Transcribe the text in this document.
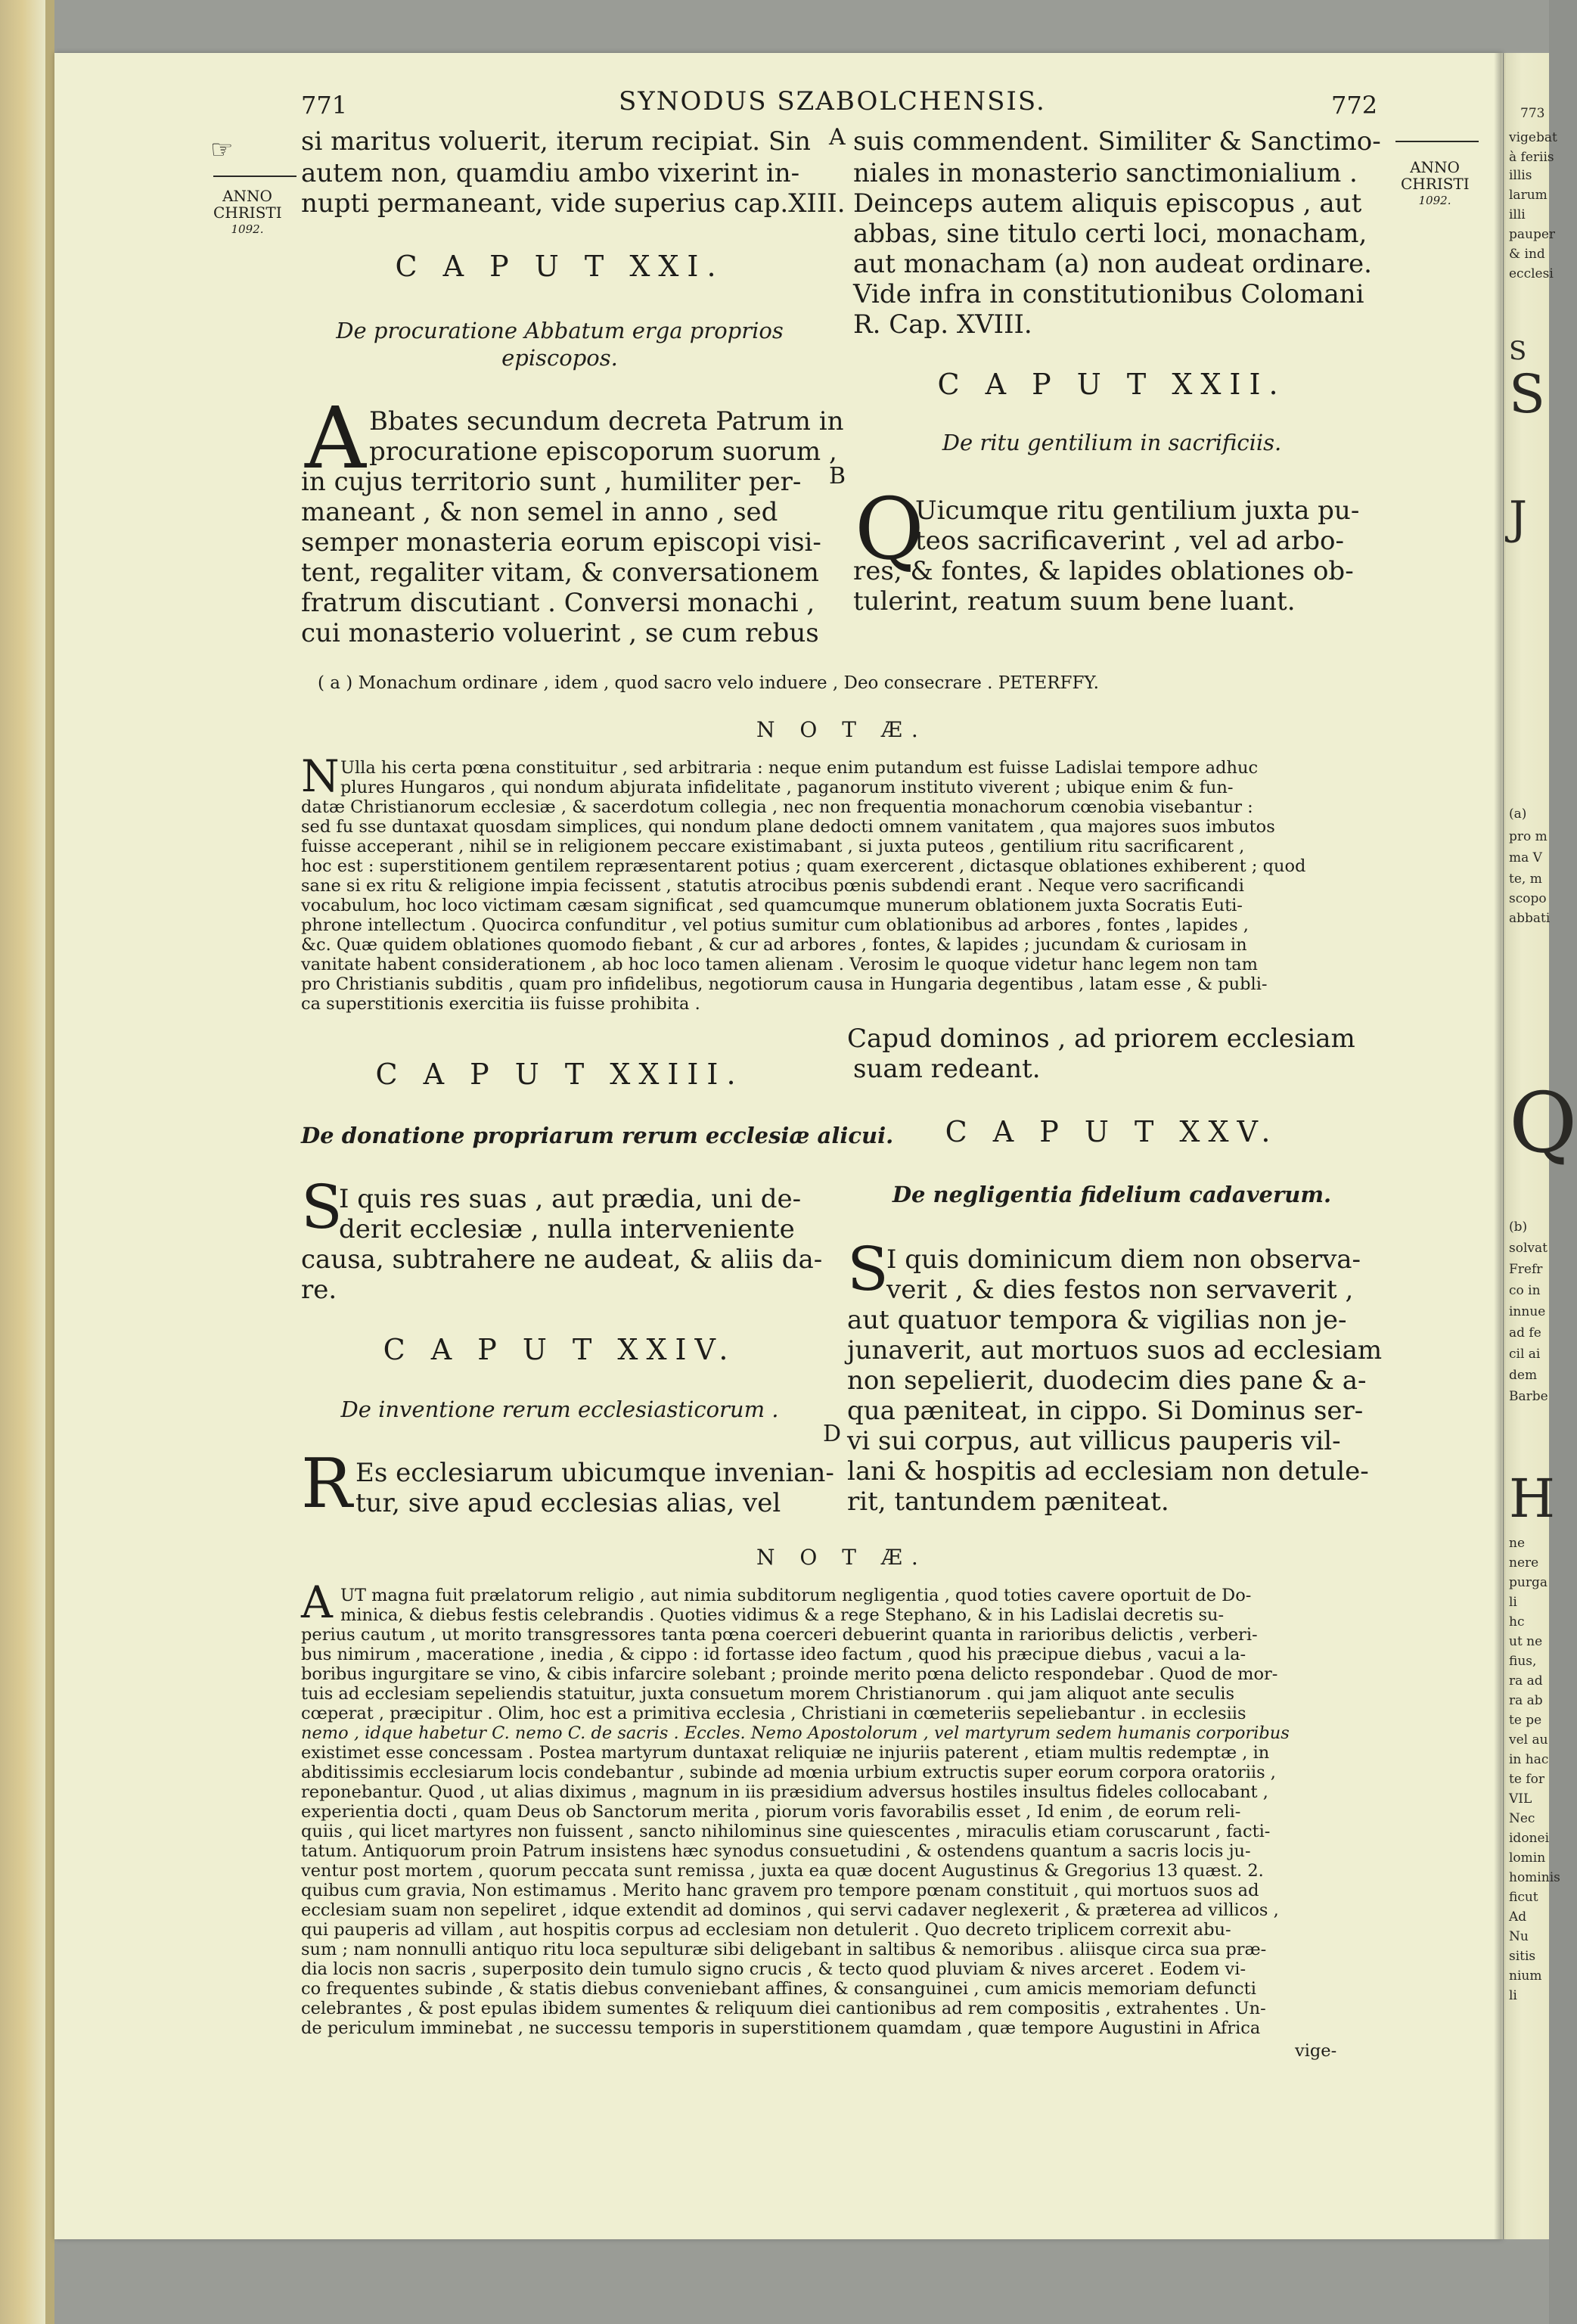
771	SYNODUS SZABOLCHENSIS.	772
☞
ANNO
CHRISTI
1092.
ANNO
CHRISTI
1092.
A
B
D
si maritus voluerit, iterum recipiat. Sin
autem non, quamdiu ambo vixerint in-
nupti permaneant, vide superius cap.XIII.
C A P U T XXI.
De procuratione Abbatum erga proprios
episcopos.
A Bbates secundum decreta Patrum in
procuratione episcoporum suorum ,
in cujus territorio sunt , humiliter per-
maneant , & non semel in anno , sed
semper monasteria eorum episcopi visi-
tent, regaliter vitam, & conversationem
fratrum discutiant . Conversi monachi ,
cui monasterio voluerint , se cum rebus
suis commendent. Similiter & Sanctimo-
niales in monasterio sanctimonialium .
Deinceps autem aliquis episcopus , aut
abbas, sine titulo certi loci, monacham,
aut monacham (a) non audeat ordinare.
Vide infra in constitutionibus Colomani
R. Cap. XVIII.
C A P U T XXII.
De ritu gentilium in sacrificiis.
Q
Uicumque ritu gentilium juxta pu-
teos sacrificaverint , vel ad arbo-
res, & fontes, & lapides oblationes ob-
tulerint, reatum suum bene luant.
( a ) Monachum ordinare , idem , quod sacro velo induere , Deo consecrare . PETERFFY.
N O T Æ.
N Ulla his certa pœna constituitur , sed arbitraria : neque enim putandum est fuisse Ladislai tempore adhuc
plures Hungaros , qui nondum abjurata infidelitate , paganorum instituto viverent ; ubique enim & fun-
datæ Christianorum ecclesiæ , & sacerdotum collegia , nec non frequentia monachorum cœnobia visebantur :
sed fu sse duntaxat quosdam simplices, qui nondum plane dedocti omnem vanitatem , qua majores suos imbutos
fuisse acceperant , nihil se in religionem peccare existimabant , si juxta puteos , gentilium ritu sacrificarent ,
hoc est : superstitionem gentilem repræsentarent potius ; quam exercerent , dictasque oblationes exhiberent ; quod
sane si ex ritu & religione impia fecissent , statutis atrocibus pœnis subdendi erant . Neque vero sacrificandi
vocabulum, hoc loco victimam cæsam significat , sed quamcumque munerum oblationem juxta Socratis Euti-
phrone intellectum . Quocirca confunditur , vel potius sumitur cum oblationibus ad arbores , fontes , lapides ,
&c. Quæ quidem oblationes quomodo fiebant , & cur ad arbores , fontes, & lapides ; jucundam & curiosam in
vanitate habent considerationem , ab hoc loco tamen alienam . Verosim le quoque videtur hanc legem non tam
pro Christianis subditis , quam pro infidelibus, negotiorum causa in Hungaria degentibus , latam esse , & publi-
ca superstitionis exercitia iis fuisse prohibita .
Capud dominos , ad priorem ecclesiam
suam redeant.
C A P U T XXIII.
De donatione propriarum rerum ecclesiæ alicui.
S
I quis res suas , aut prædia, uni de-
derit ecclesiæ , nulla interveniente
causa, subtrahere ne audeat, & aliis da-
re.
C A P U T XXIV.
De inventione rerum ecclesiasticorum .
R Es ecclesiarum ubicumque invenian-
tur, sive apud ecclesias alias, vel
C A P U T XXV.
De negligentia fidelium cadaverum.
S
I quis dominicum diem non observa-
verit , & dies festos non servaverit ,
aut quatuor tempora & vigilias non je-
junaverit, aut mortuos suos ad ecclesiam
non sepelierit, duodecim dies pane & a-
qua pæniteat, in cippo. Si Dominus ser-
vi sui corpus, aut villicus pauperis vil-
lani & hospitis ad ecclesiam non detule-
rit, tantundem pæniteat.
N O T Æ.
A UT magna fuit prælatorum religio , aut nimia subditorum negligentia , quod toties cavere oportuit de Do-
minica, & diebus festis celebrandis . Quoties vidimus & a rege Stephano, & in his Ladislai decretis su-
perius cautum , ut morito transgressores tanta pœna coerceri debuerint quanta in rarioribus delictis , verberi-
bus nimirum , maceratione , inedia , & cippo : id fortasse ideo factum , quod his præcipue diebus , vacui a la-
boribus ingurgitare se vino, & cibis infarcire solebant ; proinde merito pœna delicto respondebar . Quod de mor-
tuis ad ecclesiam sepeliendis statuitur, juxta consuetum morem Christianorum . qui jam aliquot ante seculis
cœperat , præcipitur . Olim, hoc est a primitiva ecclesia , Christiani in cœmeteriis sepeliebantur . in ecclesiis
nemo , idque habetur C. nemo C. de sacris . Eccles. Nemo Apostolorum , vel martyrum sedem humanis corporibus
existimet esse concessam . Postea martyrum duntaxat reliquiæ ne injuriis paterent , etiam multis redemptæ , in
abditissimis ecclesiarum locis condebantur , subinde ad mœnia urbium extructis super eorum corpora oratoriis ,
reponebantur. Quod , ut alias diximus , magnum in iis præsidium adversus hostiles insultus fideles collocabant ,
experientia docti , quam Deus ob Sanctorum merita , piorum voris favorabilis esset , Id enim , de eorum reli-
quiis , qui licet martyres non fuissent , sancto nihilominus sine quiescentes , miraculis etiam coruscarunt , facti-
tatum. Antiquorum proin Patrum insistens hæc synodus consuetudini , & ostendens quantum a sacris locis ju-
ventur post mortem , quorum peccata sunt remissa , juxta ea quæ docent Augustinus & Gregorius 13 quæst. 2.
quibus cum gravia, Non estimamus . Merito hanc gravem pro tempore pœnam constituit , qui mortuos suos ad
ecclesiam suam non sepeliret , idque extendit ad dominos , qui servi cadaver neglexerit , & præterea ad villicos ,
qui pauperis ad villam , aut hospitis corpus ad ecclesiam non detulerit . Quo decreto triplicem correxit abu-
sum ; nam nonnulli antiquo ritu loca sepulturæ sibi deligebant in saltibus & nemoribus . aliisque circa sua præ-
dia locis non sacris , superposito dein tumulo signo crucis , & tecto quod pluviam & nives arceret . Eodem vi-
co frequentes subinde , & statis diebus conveniebant affines, & consanguinei , cum amicis memoriam defuncti
celebrantes , & post epulas ibidem sumentes & reliquum diei cantionibus ad rem compositis , extrahentes . Un-
de periculum imminebat , ne successu temporis in superstitionem quamdam , quæ tempore Augustini in Africa
vige-
773
vigebat
à feriis
illis
larum
illi
pauper
& ind
ecclesi
S
(a)
pro m
ma V
te, m
scopo
abbati
(b)
solvat
Frefr
co in
innue
ad fe
cil ai
dem
Barbe
ne
nere
purga
li
hc
ut ne
fius,
ra ad
ra ab
te pe
vel au
in hac
te for
VIL
Nec
idonei
lomin
hominis
ficut
Ad
Nu
sitis
nium
li
S
J
Q
H
